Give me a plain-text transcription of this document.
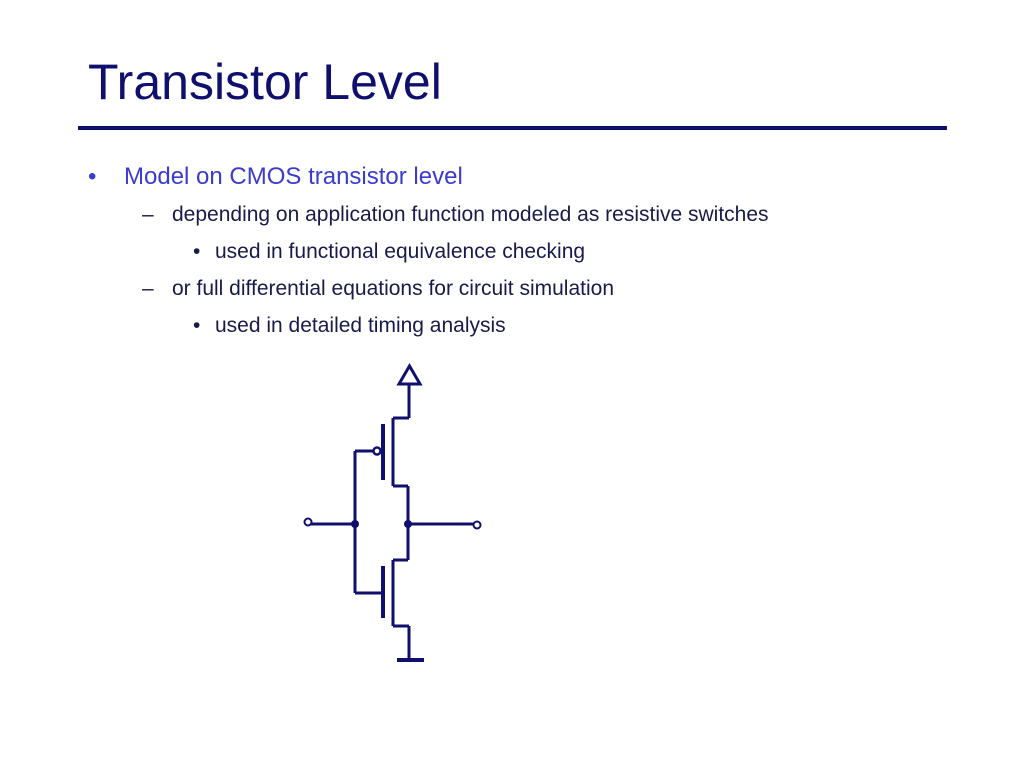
Transistor Level
•	Model on CMOS transistor level
– depending on application function modeled as resistive switches
• used in functional equivalence checking
– or full differential equations for circuit simulation
• used in detailed timing analysis
